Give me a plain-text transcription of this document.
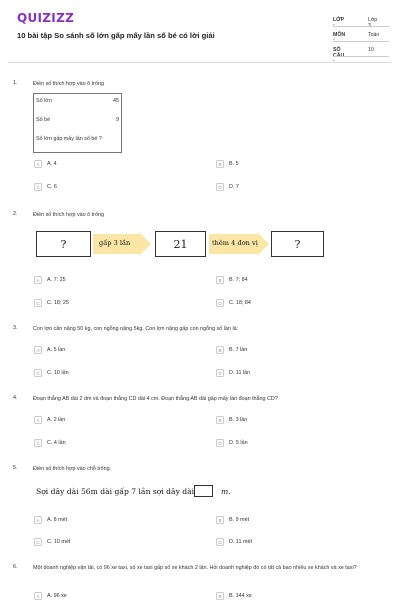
QUIZIZZ
10 bài tập So sánh số lớn gấp mấy lần số bé có lời giải
LỚP :
Lớp 3
MÔN :
Toán
SỐ CÂU :
10
1.	Điền số thích hợp vào ô trống
Số lớn	45
Số bé	9
Số lớn gấp mấy lần số bé ?
A	A. 4	B	B. 5
C	C. 6	D	D. 7
2.	Điền số thích hợp vào ô trống
?	gấp 3 lần	21	thêm 4 đơn vị	?
A	A. 7; 25	B	B. 7; 84
C	C. 18; 25	D	C. 18; 84
3.	Con lợn cân nặng 50 kg, con ngỗng nặng 5kg. Con lợn nặng gấp con ngỗng số lần là:
A	A. 5 lần	B	B. 7 lần
C	C. 10 lần	D	D. 11 lần
4.	Đoạn thẳng AB dài 2 dm và đoạn thẳng CD dài 4 cm. Đoạn thẳng AB dài gấp mấy lần đoạn thẳng CD?
A	A. 2 lần	B	B. 3 lần
C	C. 4 lần	D	D. 5 lần
5.	Điền số thích hợp vào chỗ trống.
Sợi dây dài 56m dài gấp 7 lần sợi dây dài	m.
A	A. 8 mét	B	B. 9 mét
C	C. 10 mét	D	D. 11 mét
6.	Một doanh nghiệp vận tải, có 96 xe taxi, số xe taxi gấp số xe khách 2 lần. Hỏi doanh nghiệp đó có tất cả bao nhiêu xe khách và xe taxi?
A	A. 96 xe	B	B. 144 xe
